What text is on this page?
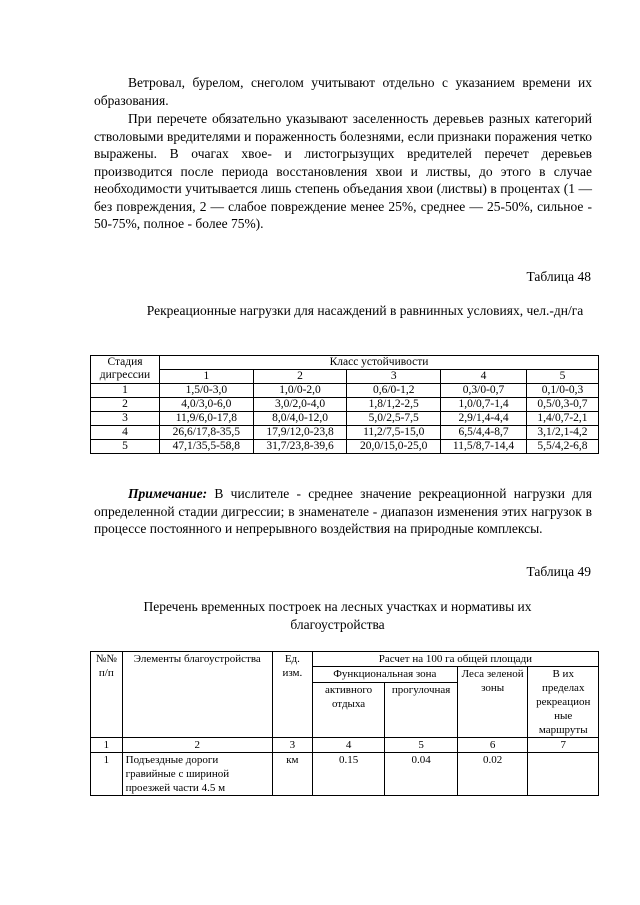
Ветровал, бурелом, снеголом учитывают отдельно с указанием времени их образования.

При перечете обязательно указывают заселенность деревьев разных категорий стволовыми вредителями и пораженность болезнями, если признаки поражения четко выражены. В очагах хвое- и листогрызущих вредителей перечет деревьев производится после периода восстановления хвои и листвы, до этого в случае необходимости учитывается лишь степень объедания хвои (листвы) в процентах (1 — без повреждения, 2 — слабое повреждение менее 25%, среднее — 25-50%, сильное - 50-75%, полное - более 75%).

Таблица 48
Рекреационные нагрузки для насаждений в равнинных условиях, чел.-дн/га
Стадия дигрессии	Класс устойчивости				
	1	2	3	4	5
1	1,5/0-3,0	1,0/0-2,0	0,6/0-1,2	0,3/0-0,7	0,1/0-0,3
2	4,0/3,0-6,0	3,0/2,0-4,0	1,8/1,2-2,5	1,0/0,7-1,4	0,5/0,3-0,7
3	11,9/6,0-17,8	8,0/4,0-12,0	5,0/2,5-7,5	2,9/1,4-4,4	1,4/0,7-2,1
4	26,6/17,8-35,5	17,9/12,0-23,8	11,2/7,5-15,0	6,5/4,4-8,7	3,1/2,1-4,2
5	47,1/35,5-58,8	31,7/23,8-39,6	20,0/15,0-25,0	11,5/8,7-14,4	5,5/4,2-6,8

Примечание: В числителе - среднее значение рекреационной нагрузки для определенной стадии дигрессии; в знаменателе - диапазон изменения этих нагрузок в процессе постоянного и непрерывного воздействия на природные комплексы.

Таблица 49
Перечень временных построек на лесных участках и нормативы их благоустройства
№№ п/п	Элементы благоустройства	Ед. изм.	Расчет на 100 га общей площади			
			Функциональная зона		Леса зеленой зоны	В их пределах рекреацион ные маршруты
			активного отдыха	прогулочная		
1	2	3	4	5	6	7
1	Подъездные дороги гравийные с шириной проезжей части 4.5 м	км	0.15	0.04	0.02	
